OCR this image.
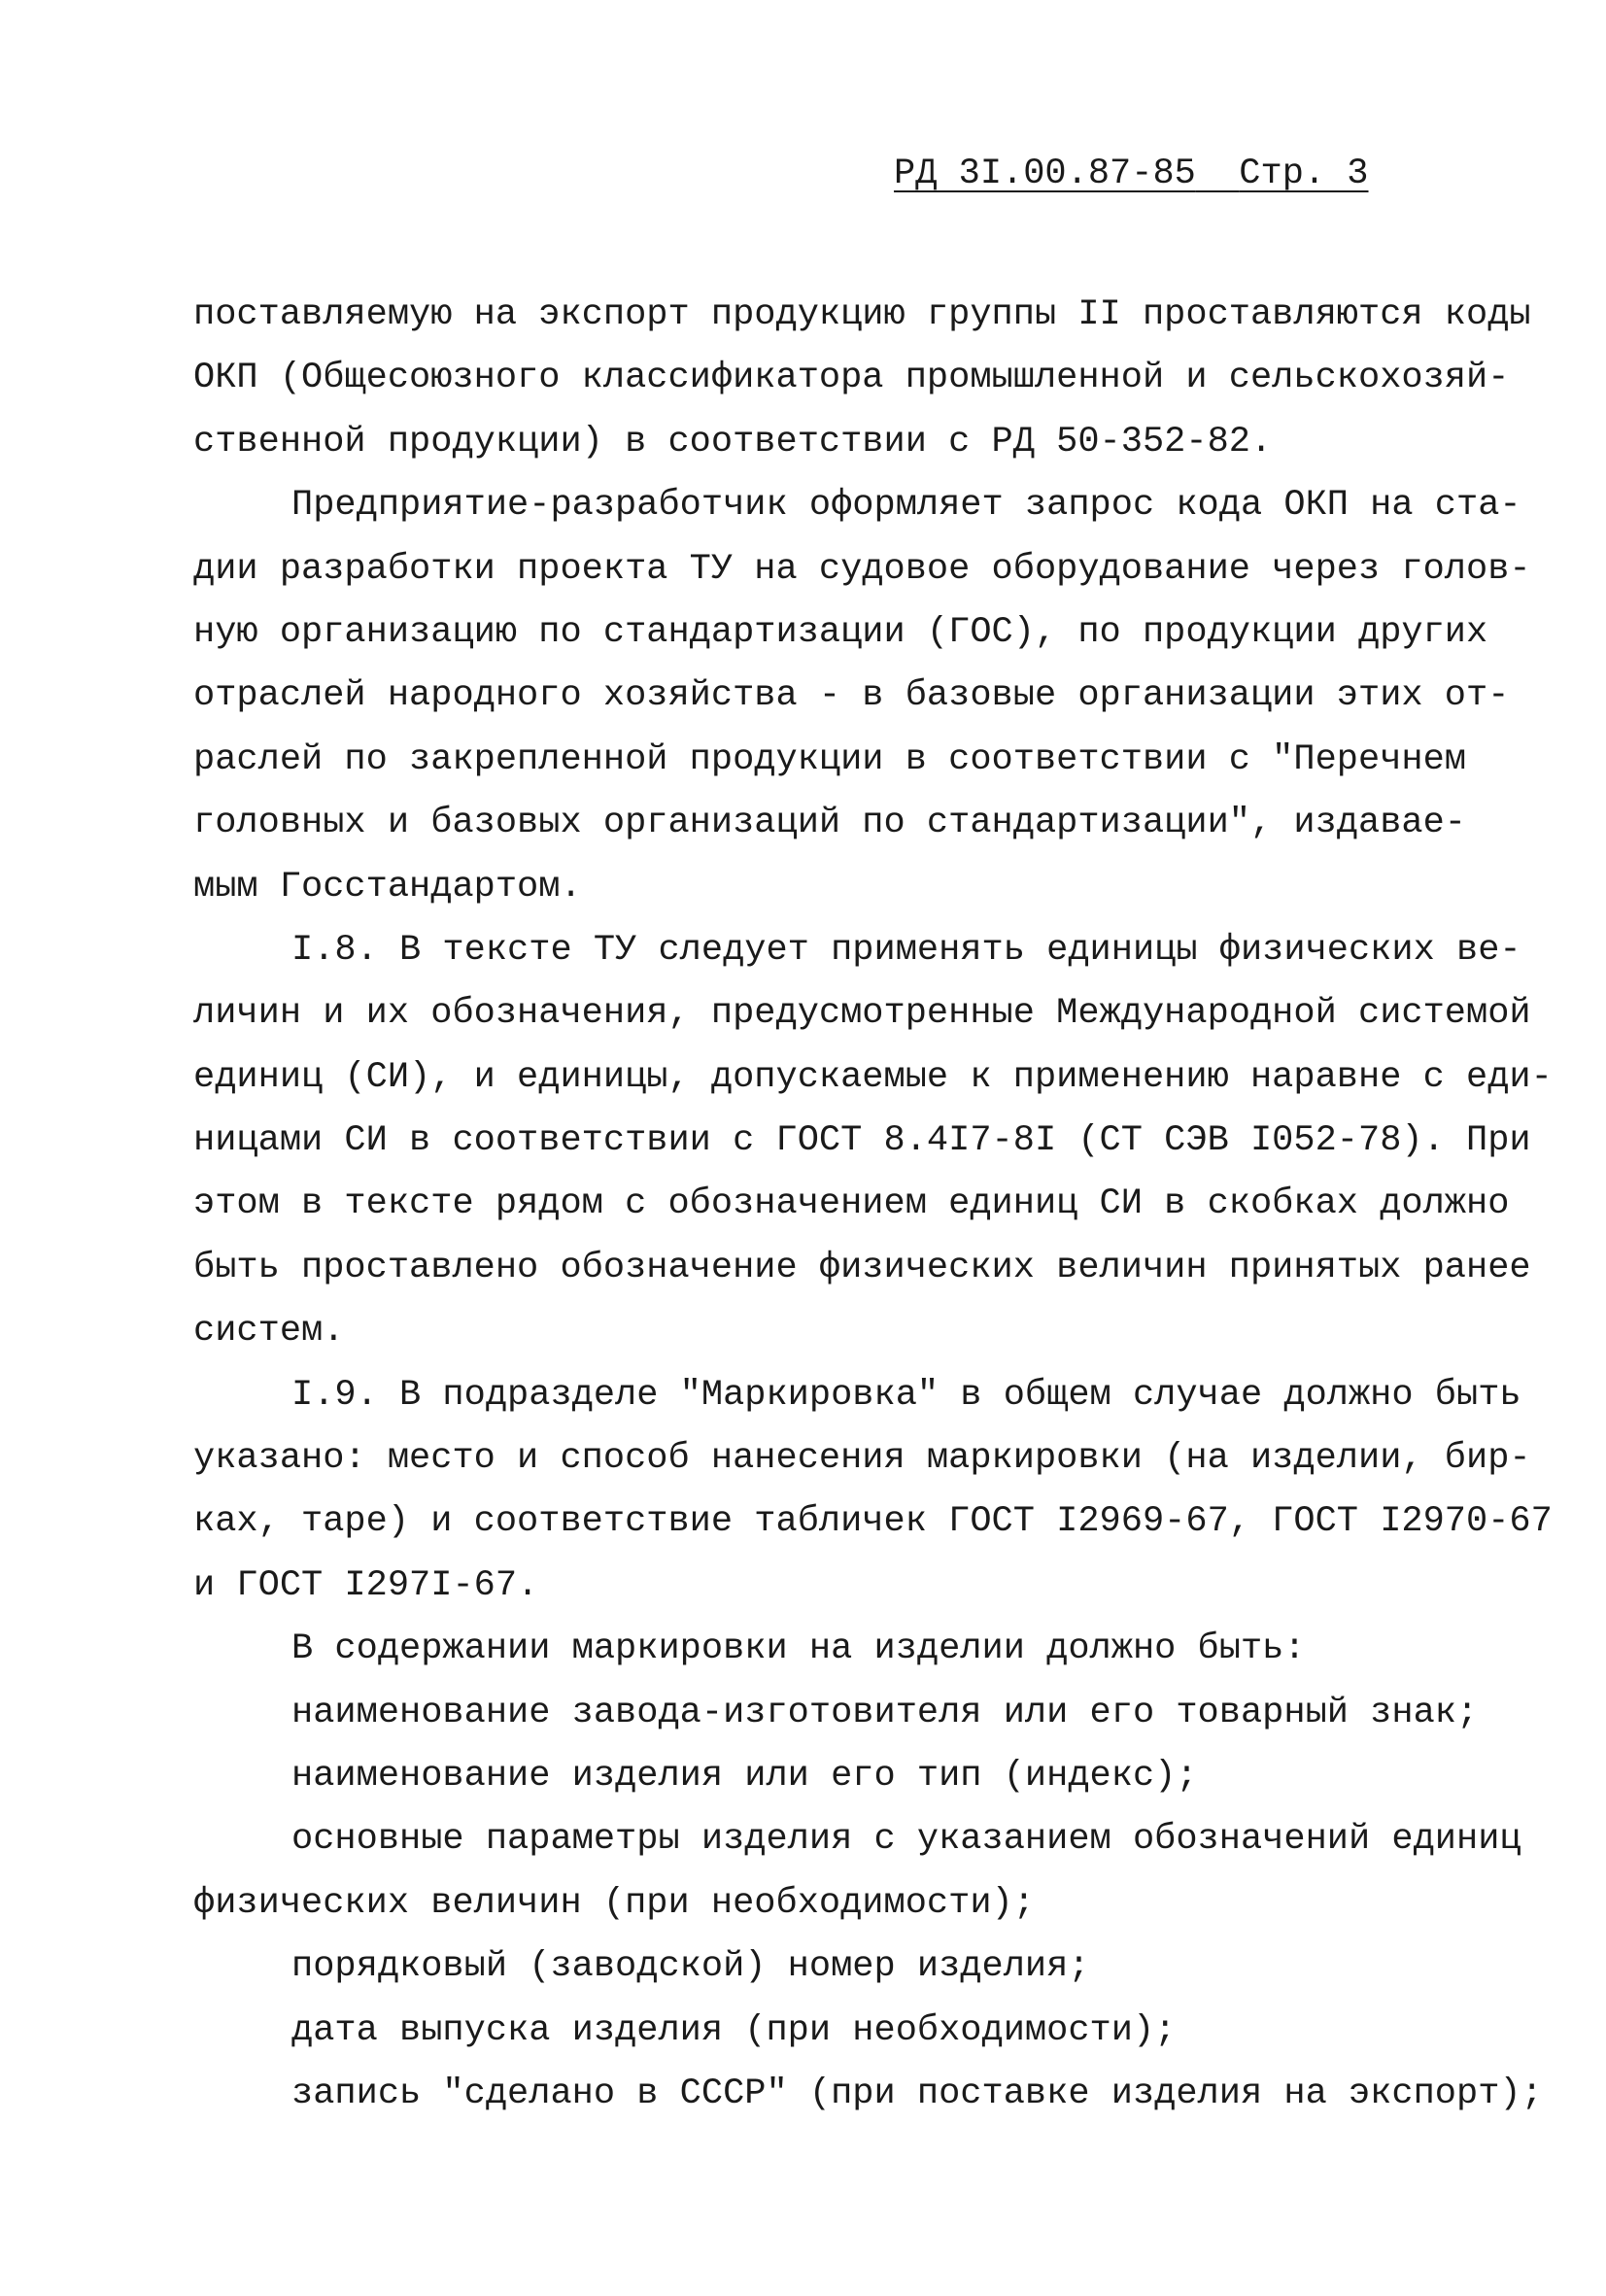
РД 3I.00.87-85 Стр. 3
поставляемую на экспорт продукцию группы II проставляются коды
ОКП (Общесоюзного классификатора промышленной и сельскохозяй-
ственной продукции) в соответствии с РД 50-352-82.
Предприятие-разработчик оформляет запрос кода ОКП на ста-
дии разработки проекта ТУ на судовое оборудование через голов-
ную организацию по стандартизации (ГОС), по продукции других
отраслей народного хозяйства - в базовые организации этих от-
раслей по закрепленной продукции в соответствии с "Перечнем
головных и базовых организаций по стандартизации", издавае-
мым Госстандартом.
I.8. В тексте ТУ следует применять единицы физических ве-
личин и их обозначения, предусмотренные Международной системой
единиц (СИ), и единицы, допускаемые к применению наравне с еди-
ницами СИ в соответствии с ГОСТ 8.4I7-8I (СТ СЭВ I052-78). При
этом в тексте рядом с обозначением единиц СИ в скобках должно
быть проставлено обозначение физических величин принятых ранее
систем.
I.9. В подразделе "Маркировка" в общем случае должно быть
указано: место и способ нанесения маркировки (на изделии, бир-
ках, таре) и соответствие табличек ГОСТ I2969-67, ГОСТ I2970-67
и ГОСТ I297I-67.
В содержании маркировки на изделии должно быть:
наименование завода-изготовителя или его товарный знак;
наименование изделия или его тип (индекс);
основные параметры изделия с указанием обозначений единиц
физических величин (при необходимости);
порядковый (заводской) номер изделия;
дата выпуска изделия (при необходимости);
запись "сделано в СССР" (при поставке изделия на экспорт);
